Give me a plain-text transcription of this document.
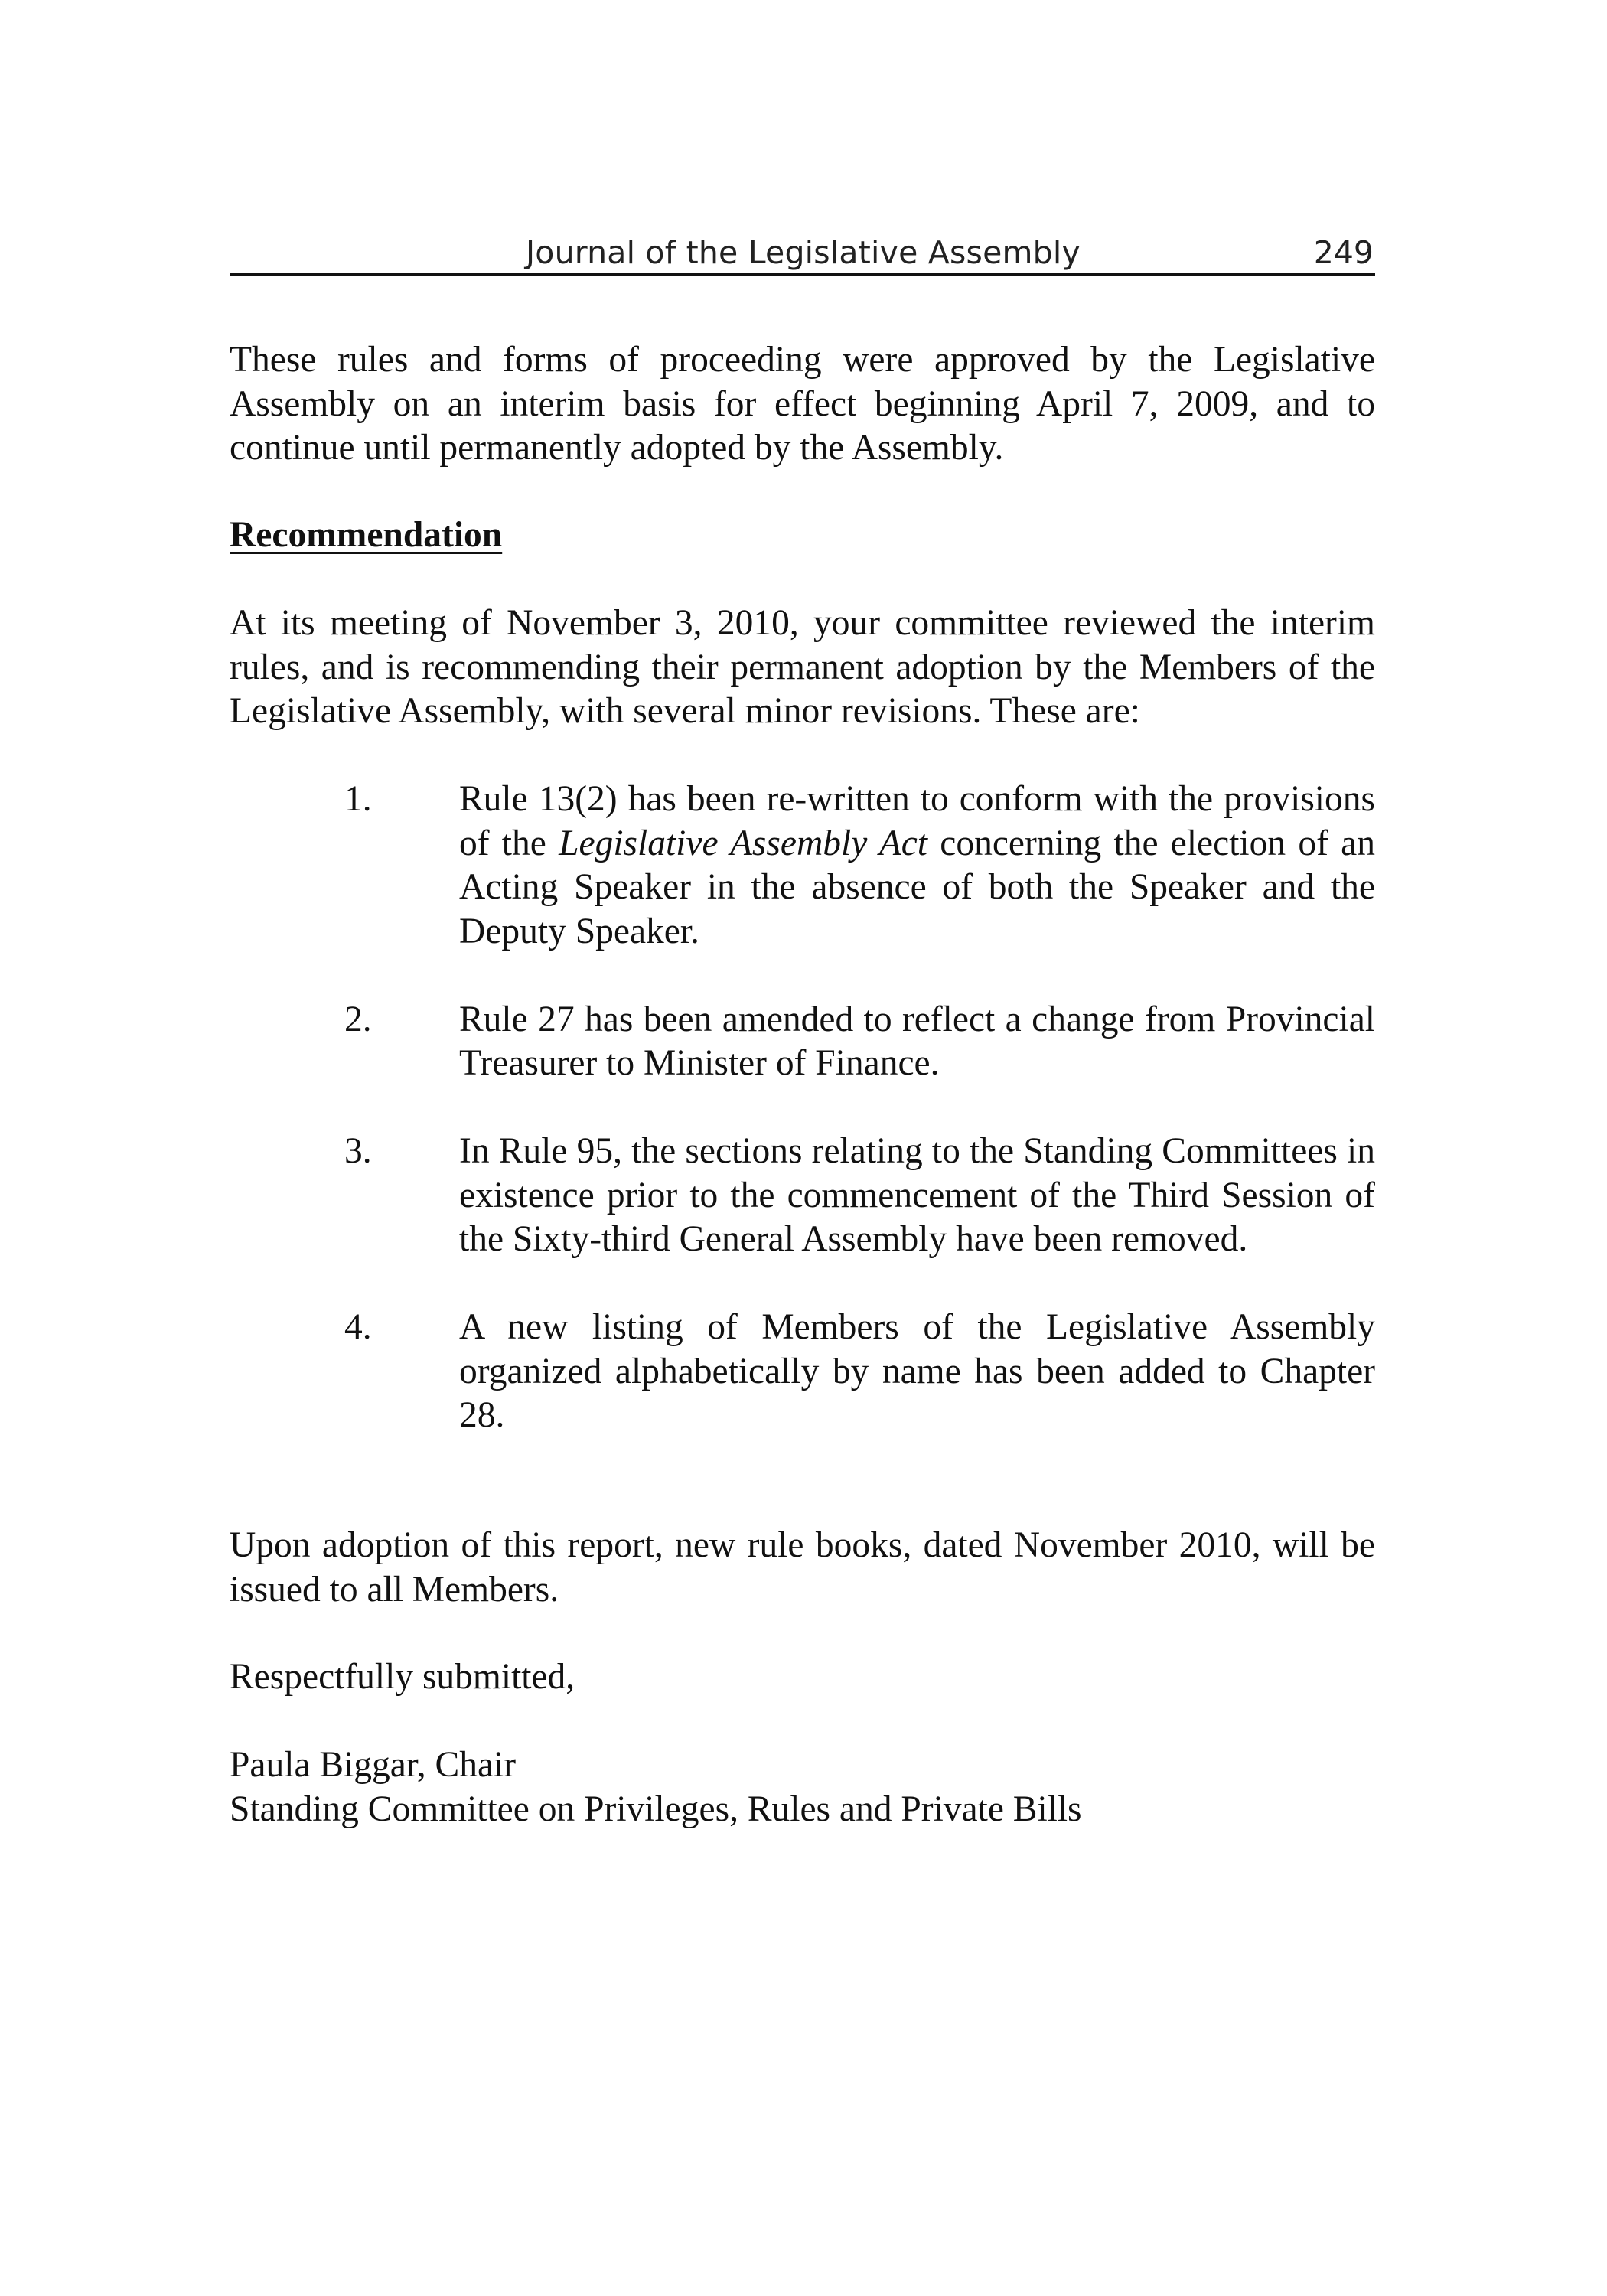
Journal of the Legislative Assembly	249

These rules and forms of proceeding were approved by the Legislative Assembly on an interim basis for effect beginning April 7, 2009, and to continue until permanently adopted by the Assembly.

Recommendation

At its meeting of November 3, 2010, your committee reviewed the interim rules, and is recommending their permanent adoption by the Members of the Legislative Assembly, with several minor revisions. These are:

1. Rule 13(2) has been re-written to conform with the provisions of the Legislative Assembly Act concerning the election of an Acting Speaker in the absence of both the Speaker and the Deputy Speaker.
2. Rule 27 has been amended to reflect a change from Provincial Treasurer to Minister of Finance.
3. In Rule 95, the sections relating to the Standing Committees in existence prior to the commencement of the Third Session of the Sixty-third General Assembly have been removed.
4. A new listing of Members of the Legislative Assembly organized alphabetically by name has been added to Chapter 28.

Upon adoption of this report, new rule books, dated November 2010, will be issued to all Members.

Respectfully submitted,
Paula Biggar, Chair
Standing Committee on Privileges, Rules and Private Bills
